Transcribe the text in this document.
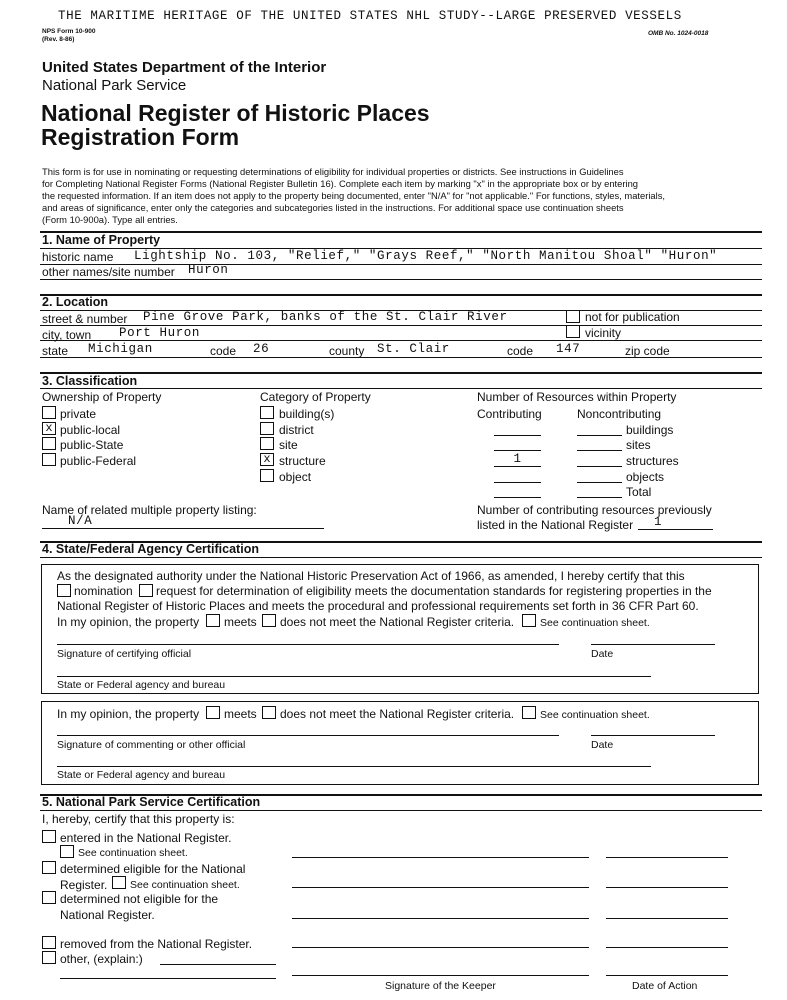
THE MARITIME HERITAGE OF THE UNITED STATES NHL STUDY--LARGE PRESERVED VESSELS
NPS Form 10-900
(Rev. 8-86)
OMB No. 1024-0018
United States Department of the Interior
National Park Service
National Register of Historic Places
Registration Form
This form is for use in nominating or requesting determinations of eligibility for individual properties or districts. See instructions in Guidelines
for Completing National Register Forms (National Register Bulletin 16). Complete each item by marking "x" in the appropriate box or by entering
the requested information. If an item does not apply to the property being documented, enter "N/A" for "not applicable." For functions, styles, materials,
and areas of significance, enter only the categories and subcategories listed in the instructions. For additional space use continuation sheets
(Form 10-900a). Type all entries.
1. Name of Property
historic name Lightship No. 103, "Relief," "Grays Reef," "North Manitou Shoal" "Huron"
other names/site number Huron
2. Location
street & number Pine Grove Park, banks of the St. Clair River	not for publication
city, town Port Huron	vicinity
state Michigan	code 26	county St. Clair	code 147	zip code
3. Classification
Ownership of Property
private
x public-local
public-State
public-Federal
Category of Property
building(s)
district
site
x structure
object
Number of Resources within Property
Contributing	Noncontributing
buildings
sites
1	structures
objects
Total
Name of related multiple property listing:
N/A
Number of contributing resources previously
listed in the National Register	1
4. State/Federal Agency Certification
As the designated authority under the National Historic Preservation Act of 1966, as amended, I hereby certify that this
nomination request for determination of eligibility meets the documentation standards for registering properties in the
National Register of Historic Places and meets the procedural and professional requirements set forth in 36 CFR Part 60.
In my opinion, the property meets does not meet the National Register criteria. See continuation sheet.
Signature of certifying official	Date
State or Federal agency and bureau
In my opinion, the property meets does not meet the National Register criteria. See continuation sheet.
Signature of commenting or other official	Date
State or Federal agency and bureau
5. National Park Service Certification
I, hereby, certify that this property is:
entered in the National Register.
See continuation sheet.
determined eligible for the National
Register. See continuation sheet.
determined not eligible for the
National Register.
removed from the National Register.
other, (explain:)
Signature of the Keeper	Date of Action
